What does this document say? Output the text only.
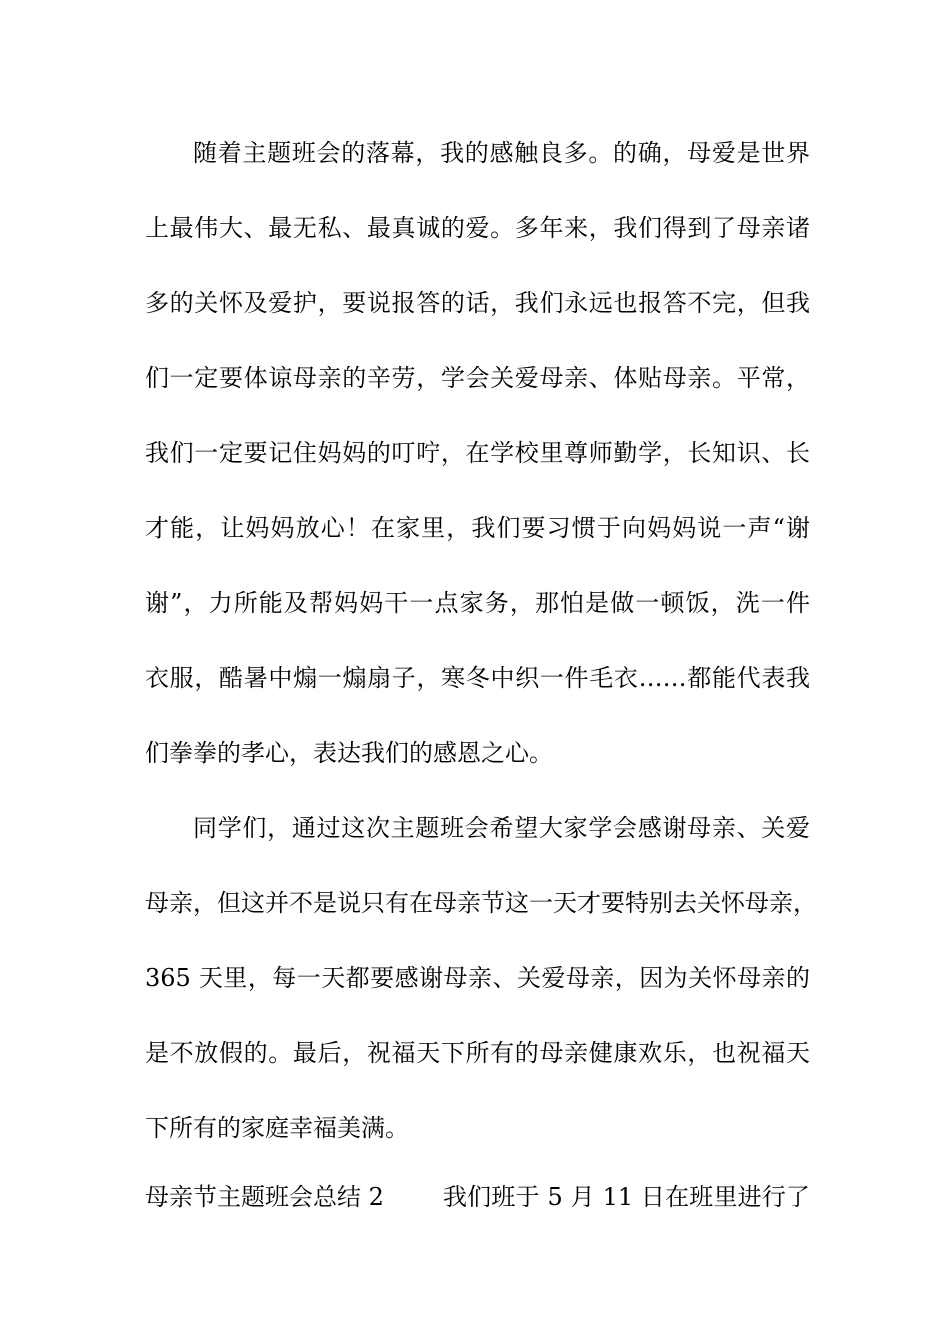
随着主题班会的落幕，我的感触良多。的确，母爱是世界
上最伟大、最无私、最真诚的爱。多年来，我们得到了母亲诸
多的关怀及爱护，要说报答的话，我们永远也报答不完，但我
们一定要体谅母亲的辛劳，学会关爱母亲、体贴母亲。平常，
我们一定要记住妈妈的叮咛，在学校里尊师勤学，长知识、长
才能，让妈妈放心！在家里，我们要习惯于向妈妈说一声“谢
谢”，力所能及帮妈妈干一点家务，那怕是做一顿饭，洗一件
衣服，酷暑中煽一煽扇子，寒冬中织一件毛衣……都能代表我
们拳拳的孝心，表达我们的感恩之心。
同学们，通过这次主题班会希望大家学会感谢母亲、关爱
母亲，但这并不是说只有在母亲节这一天才要特别去关怀母亲，
365 天里，每一天都要感谢母亲、关爱母亲，因为关怀母亲的
是不放假的。最后，祝福天下所有的母亲健康欢乐，也祝福天
下所有的家庭幸福美满。
母亲节主题班会总结 2 我们班于 5 月 11 日在班里进行了
